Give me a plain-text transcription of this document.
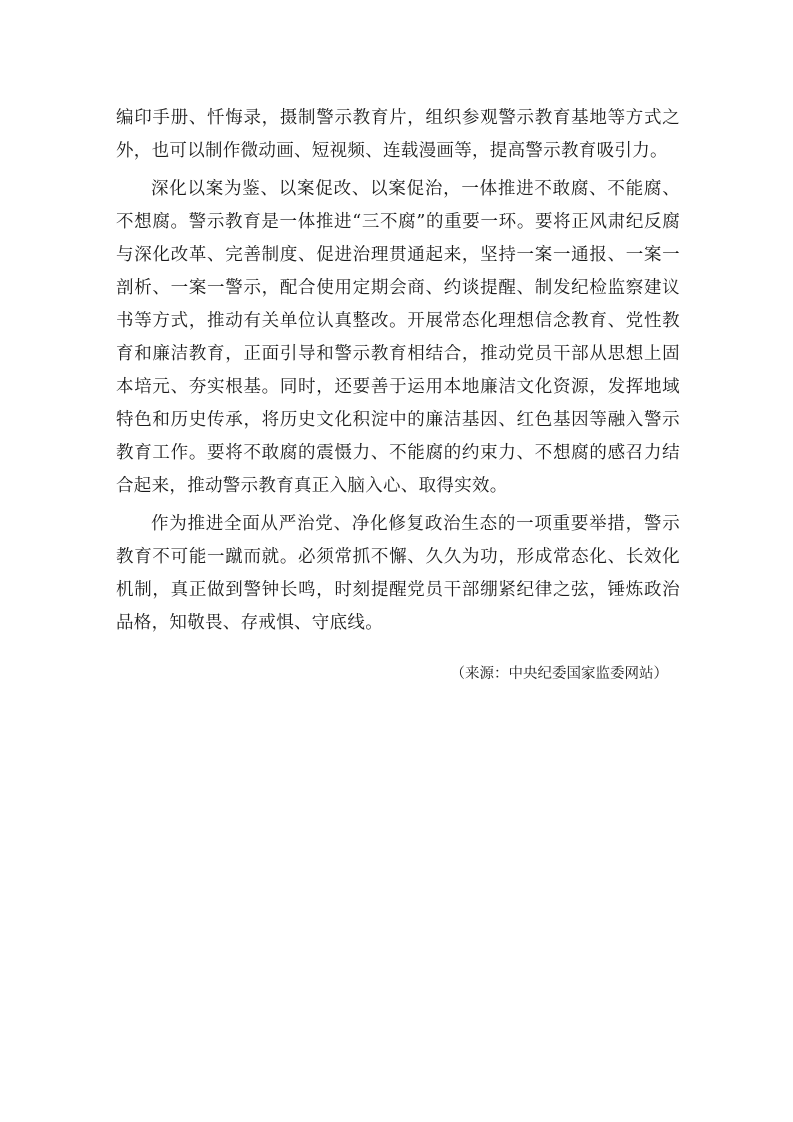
编印手册、忏悔录，摄制警示教育片，组织参观警示教育基地等方式之外，也可以制作微动画、短视频、连载漫画等，提高警示教育吸引力。

深化以案为鉴、以案促改、以案促治，一体推进不敢腐、不能腐、不想腐。警示教育是一体推进“三不腐”的重要一环。要将正风肃纪反腐与深化改革、完善制度、促进治理贯通起来，坚持一案一通报、一案一剖析、一案一警示，配合使用定期会商、约谈提醒、制发纪检监察建议书等方式，推动有关单位认真整改。开展常态化理想信念教育、党性教育和廉洁教育，正面引导和警示教育相结合，推动党员干部从思想上固本培元、夯实根基。同时，还要善于运用本地廉洁文化资源，发挥地域特色和历史传承，将历史文化积淀中的廉洁基因、红色基因等融入警示教育工作。要将不敢腐的震慑力、不能腐的约束力、不想腐的感召力结合起来，推动警示教育真正入脑入心、取得实效。

作为推进全面从严治党、净化修复政治生态的一项重要举措，警示教育不可能一蹴而就。必须常抓不懈、久久为功，形成常态化、长效化机制，真正做到警钟长鸣，时刻提醒党员干部绷紧纪律之弦，锤炼政治品格，知敬畏、存戒惧、守底线。

（来源：中央纪委国家监委网站）
